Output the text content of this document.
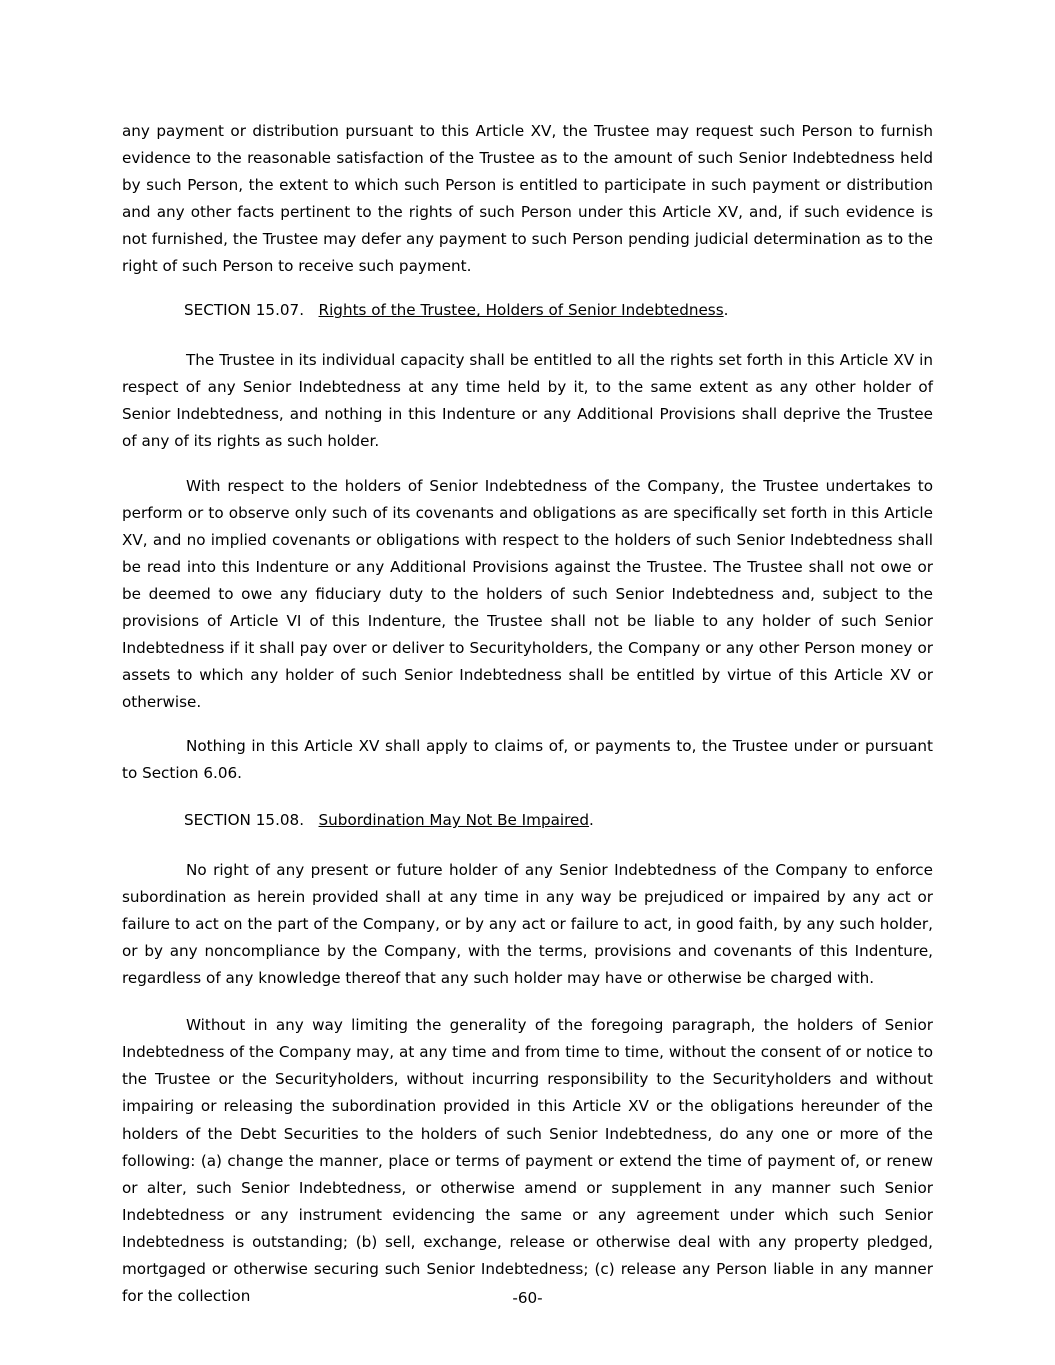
any payment or distribution pursuant to this Article XV, the Trustee may request such Person to furnish evidence to the reasonable satisfaction of the Trustee as to the amount of such Senior Indebtedness held by such Person, the extent to which such Person is entitled to participate in such payment or distribution and any other facts pertinent to the rights of such Person under this Article XV, and, if such evidence is not furnished, the Trustee may defer any payment to such Person pending judicial determination as to the right of such Person to receive such payment.

SECTION 15.07. Rights of the Trustee, Holders of Senior Indebtedness.

The Trustee in its individual capacity shall be entitled to all the rights set forth in this Article XV in respect of any Senior Indebtedness at any time held by it, to the same extent as any other holder of Senior Indebtedness, and nothing in this Indenture or any Additional Provisions shall deprive the Trustee of any of its rights as such holder.

With respect to the holders of Senior Indebtedness of the Company, the Trustee undertakes to perform or to observe only such of its covenants and obligations as are specifically set forth in this Article XV, and no implied covenants or obligations with respect to the holders of such Senior Indebtedness shall be read into this Indenture or any Additional Provisions against the Trustee. The Trustee shall not owe or be deemed to owe any fiduciary duty to the holders of such Senior Indebtedness and, subject to the provisions of Article VI of this Indenture, the Trustee shall not be liable to any holder of such Senior Indebtedness if it shall pay over or deliver to Securityholders, the Company or any other Person money or assets to which any holder of such Senior Indebtedness shall be entitled by virtue of this Article XV or otherwise.

Nothing in this Article XV shall apply to claims of, or payments to, the Trustee under or pursuant to Section 6.06.

SECTION 15.08. Subordination May Not Be Impaired.

No right of any present or future holder of any Senior Indebtedness of the Company to enforce subordination as herein provided shall at any time in any way be prejudiced or impaired by any act or failure to act on the part of the Company, or by any act or failure to act, in good faith, by any such holder, or by any noncompliance by the Company, with the terms, provisions and covenants of this Indenture, regardless of any knowledge thereof that any such holder may have or otherwise be charged with.

Without in any way limiting the generality of the foregoing paragraph, the holders of Senior Indebtedness of the Company may, at any time and from time to time, without the consent of or notice to the Trustee or the Securityholders, without incurring responsibility to the Securityholders and without impairing or releasing the subordination provided in this Article XV or the obligations hereunder of the holders of the Debt Securities to the holders of such Senior Indebtedness, do any one or more of the following: (a) change the manner, place or terms of payment or extend the time of payment of, or renew or alter, such Senior Indebtedness, or otherwise amend or supplement in any manner such Senior Indebtedness or any instrument evidencing the same or any agreement under which such Senior Indebtedness is outstanding; (b) sell, exchange, release or otherwise deal with any property pledged, mortgaged or otherwise securing such Senior Indebtedness; (c) release any Person liable in any manner for the collection	-60-
